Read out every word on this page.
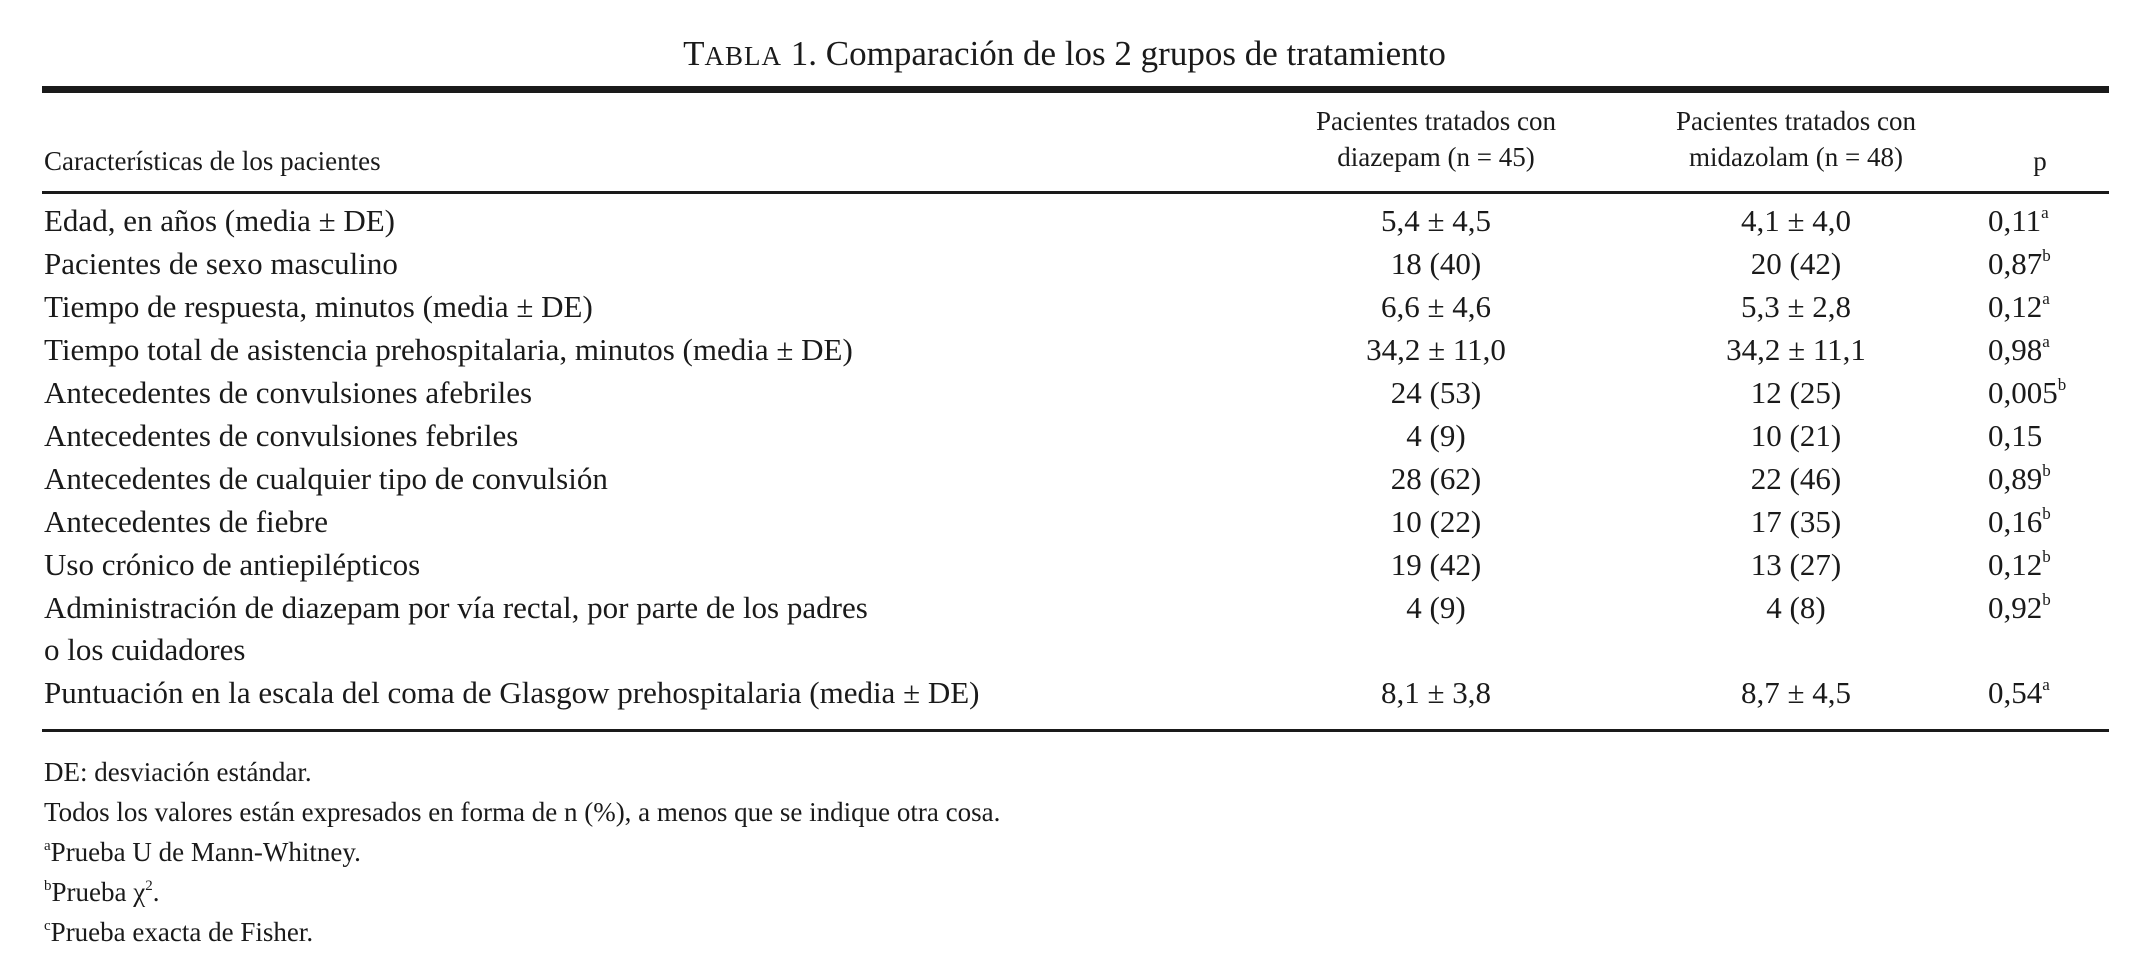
TABLA 1. Comparación de los 2 grupos de tratamiento
Características de los pacientes
Pacientes tratados con
diazepam (n = 45)
Pacientes tratados con
midazolam (n = 48)	p
Edad, en años (media ± DE)	5,4 ± 4,5	4,1 ± 4,0	0,11$^a$
Pacientes de sexo masculino	18 (40)	20 (42)	0,87$^b$
Tiempo de respuesta, minutos (media ± DE)	6,6 ± 4,6	5,3 ± 2,8	0,12$^a$
Tiempo total de asistencia prehospitalaria, minutos (media ± DE)	34,2 ± 11,0	34,2 ± 11,1	0,98$^a$
Antecedentes de convulsiones afebriles	24 (53)	12 (25)	0,005$^b$
Antecedentes de convulsiones febriles	4 (9)	10 (21)	0,15
Antecedentes de cualquier tipo de convulsión	28 (62)	22 (46)	0,89$^b$
Antecedentes de fiebre	10 (22)	17 (35)	0,16$^b$
Uso crónico de antiepilépticos	19 (42)	13 (27)	0,12$^b$
Administración de diazepam por vía rectal, por parte de los padres
o los cuidadores
4 (9)	4 (8)	0,92$^b$
Puntuación en la escala del coma de Glasgow prehospitalaria (media ± DE)	8,1 ± 3,8	8,7 ± 4,5	0,54$^a$
DE: desviación estándar.
Todos los valores están expresados en forma de n (%), a menos que se indique otra cosa.
$^a$Prueba U de Mann-Whitney.
$^b$Prueba $\chi^2$.
$^c$Prueba exacta de Fisher.
